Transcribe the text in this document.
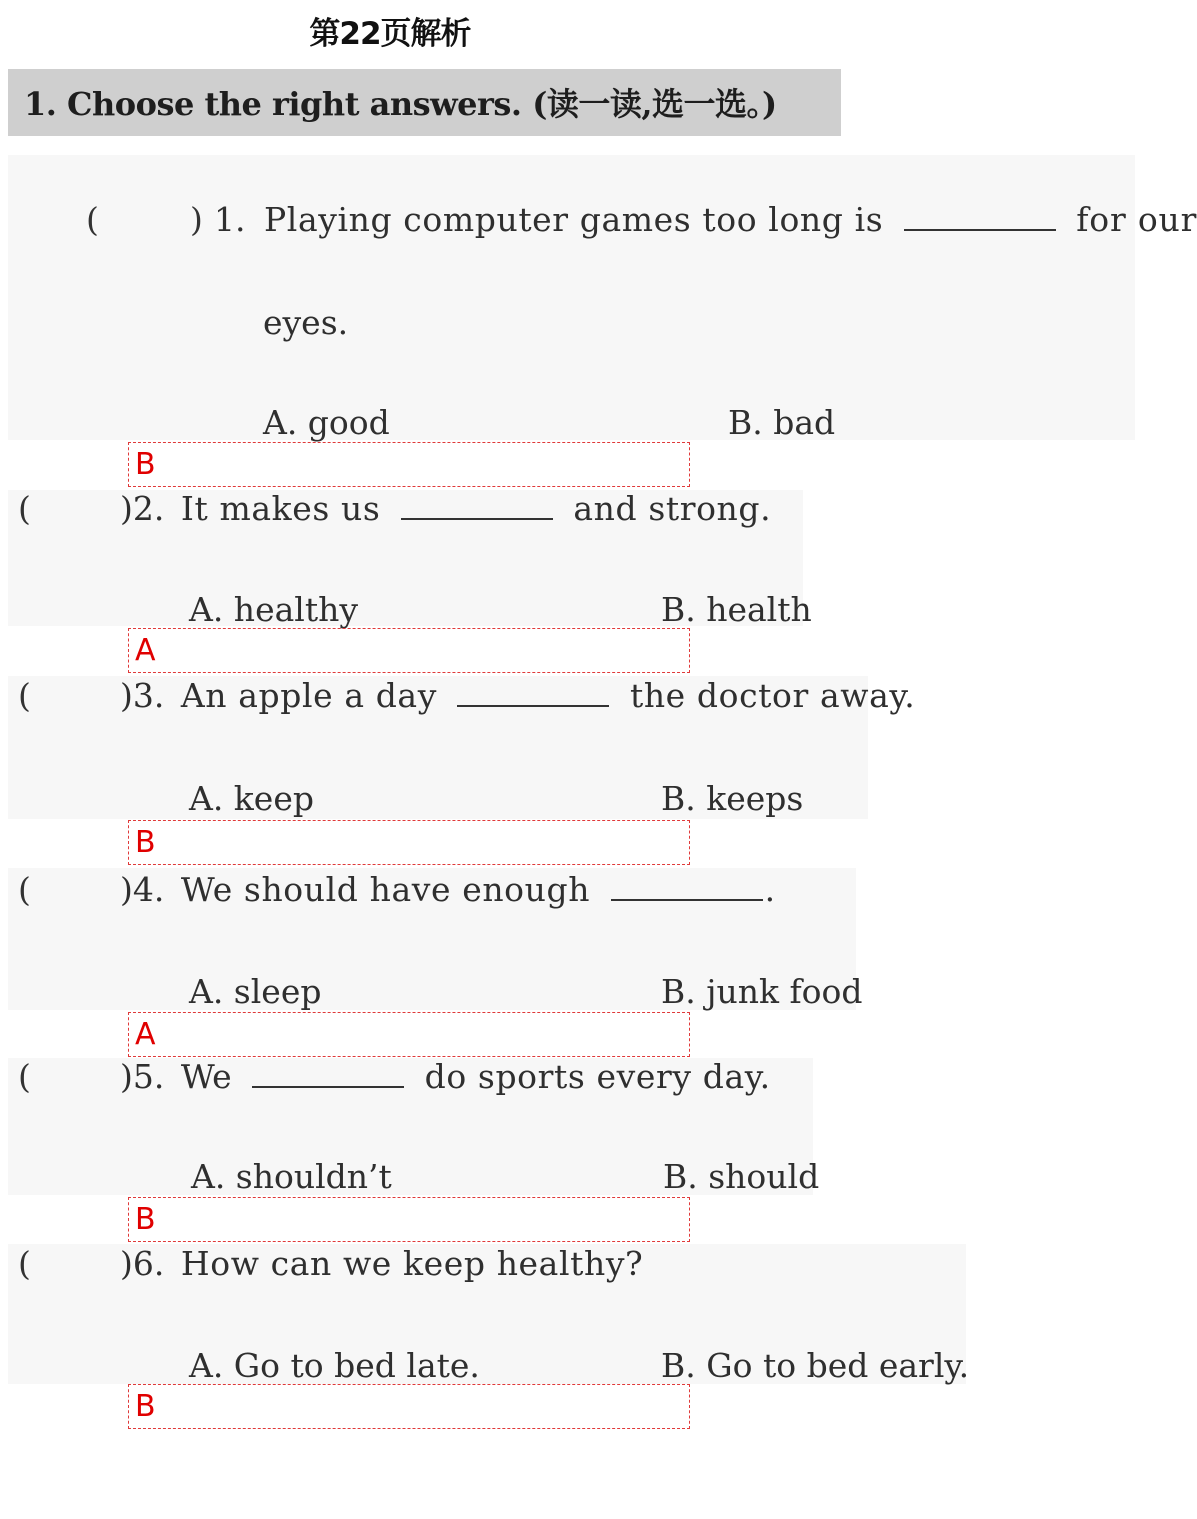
第22页解析
1. Choose the right answers. (读一读,选一选。)
(	) 1. Playing computer games too long is	for our
eyes.
A. good	B. bad
B
(	)2. It makes us	and strong.
A. healthy	B. health
A
(	)3. An apple a day	the doctor away.
A. keep	B. keeps
B
(	)4. We should have enough	.
A. sleep	B. junk food
A
(	)5. We	do sports every day.
A. shouldn’t	B. should
B
(	)6. How can we keep healthy?
A. Go to bed late.	B. Go to bed early.
B
